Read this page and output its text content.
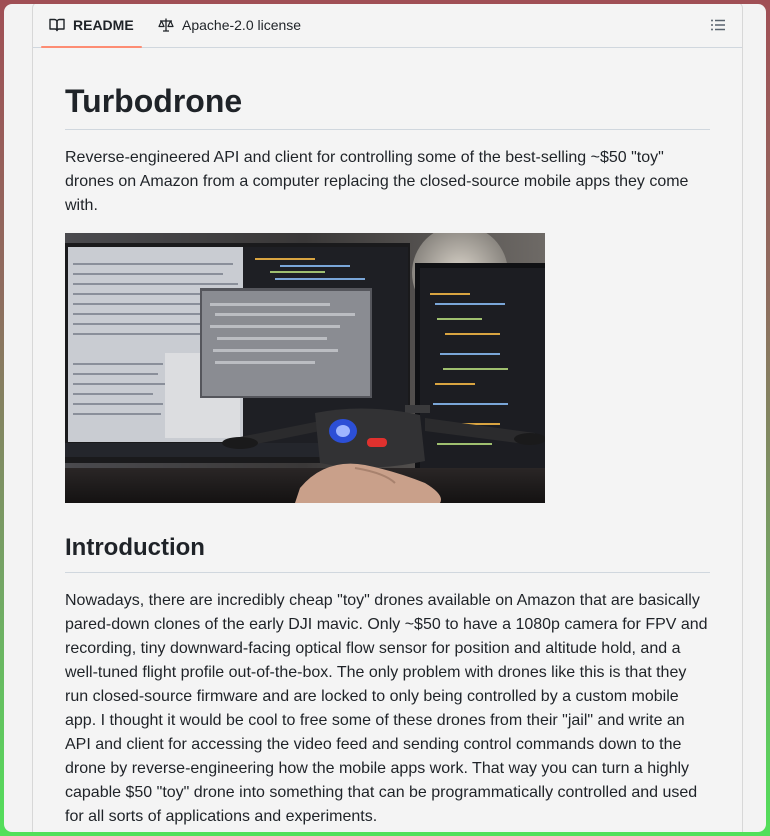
README	Apache-2.0 license
Turbodrone

Reverse-engineered API and client for controlling some of the best-selling ~$50 "toy" drones on Amazon from a computer replacing the closed-source mobile apps they come with.

Introduction

Nowadays, there are incredibly cheap "toy" drones available on Amazon that are basically pared-down clones of the early DJI mavic. Only ~$50 to have a 1080p camera for FPV and recording, tiny downward-facing optical flow sensor for position and altitude hold, and a well-tuned flight profile out-of-the-box. The only problem with drones like this is that they run closed-source firmware and are locked to only being controlled by a custom mobile app. I thought it would be cool to free some of these drones from their "jail" and write an API and client for accessing the video feed and sending control commands down to the drone by reverse-engineering how the mobile apps work. That way you can turn a highly capable $50 "toy" drone into something that can be programmatically controlled and used for all sorts of applications and experiments.
